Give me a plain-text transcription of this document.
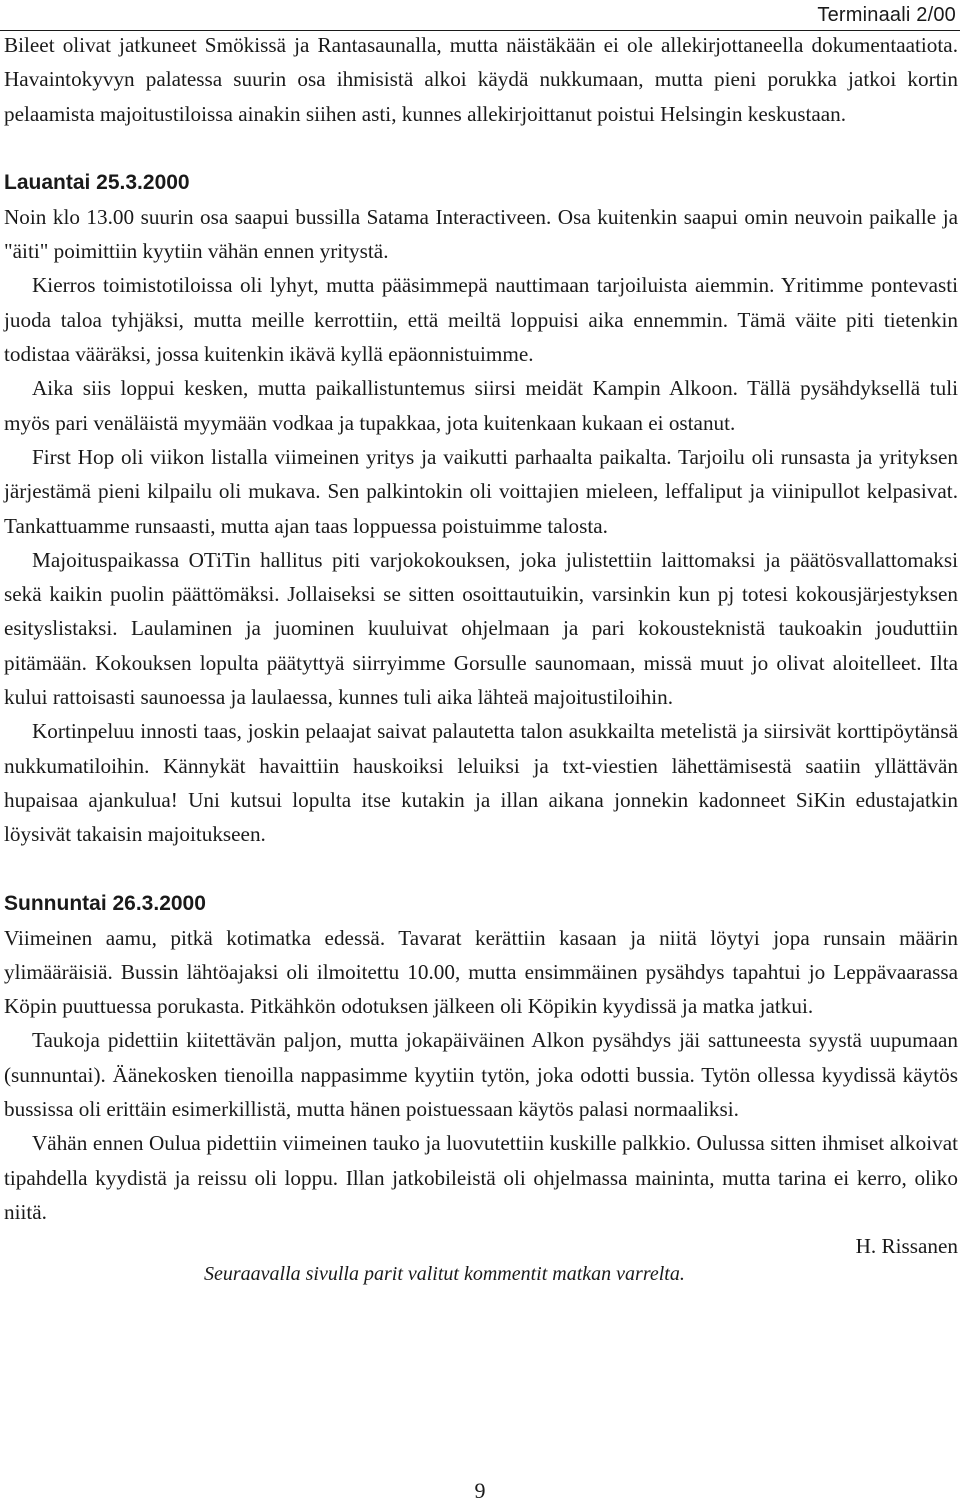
Terminaali 2/00

Bileet olivat jatkuneet Smökissä ja Rantasaunalla, mutta näistäkään ei ole allekirjottaneella dokumentaatiota. Havaintokyvyn palatessa suurin osa ihmisistä alkoi käydä nukkumaan, mutta pieni porukka jatkoi kortin pelaamista majoitustiloissa ainakin siihen asti, kunnes allekirjoittanut poistui Helsingin keskustaan.

Lauantai 25.3.2000

Noin klo 13.00 suurin osa saapui bussilla Satama Interactiveen. Osa kuitenkin saapui omin neuvoin paikalle ja "äiti" poimittiin kyytiin vähän ennen yritystä.

Kierros toimistotiloissa oli lyhyt, mutta pääsimmepä nauttimaan tarjoiluista aiemmin. Yritimme pontevasti juoda taloa tyhjäksi, mutta meille kerrottiin, että meiltä loppuisi aika ennemmin. Tämä väite piti tietenkin todistaa vääräksi, jossa kuitenkin ikävä kyllä epäonnistuimme.

Aika siis loppui kesken, mutta paikallistuntemus siirsi meidät Kampin Alkoon. Tällä pysähdyksellä tuli myös pari venäläistä myymään vodkaa ja tupakkaa, jota kuitenkaan kukaan ei ostanut.

First Hop oli viikon listalla viimeinen yritys ja vaikutti parhaalta paikalta. Tarjoilu oli runsasta ja yrityksen järjestämä pieni kilpailu oli mukava. Sen palkintokin oli voittajien mieleen, leffaliput ja viinipullot kelpasivat. Tankattuamme runsaasti, mutta ajan taas loppuessa poistuimme talosta.

Majoituspaikassa OTiTin hallitus piti varjokokouksen, joka julistettiin laittomaksi ja päätösvallattomaksi sekä kaikin puolin päättömäksi. Jollaiseksi se sitten osoittautuikin, varsinkin kun pj totesi kokousjärjestyksen esityslistaksi. Laulaminen ja juominen kuuluivat ohjelmaan ja pari kokousteknistä taukoakin jouduttiin pitämään. Kokouksen lopulta päätyttyä siirryimme Gorsulle saunomaan, missä muut jo olivat aloitelleet. Ilta kului rattoisasti saunoessa ja laulaessa, kunnes tuli aika lähteä majoitustiloihin.

Kortinpeluu innosti taas, joskin pelaajat saivat palautetta talon asukkailta metelistä ja siirsivät korttipöytänsä nukkumatiloihin. Kännykät havaittiin hauskoiksi leluiksi ja txt-viestien lähettämisestä saatiin yllättävän hupaisaa ajankulua! Uni kutsui lopulta itse kutakin ja illan aikana jonnekin kadonneet SiKin edustajatkin löysivät takaisin majoitukseen.

Sunnuntai 26.3.2000

Viimeinen aamu, pitkä kotimatka edessä. Tavarat kerättiin kasaan ja niitä löytyi jopa runsain määrin ylimääräisiä. Bussin lähtöajaksi oli ilmoitettu 10.00, mutta ensimmäinen pysähdys tapahtui jo Leppävaarassa Köpin puuttuessa porukasta. Pitkähkön odotuksen jälkeen oli Köpikin kyydissä ja matka jatkui.

Taukoja pidettiin kiitettävän paljon, mutta jokapäiväinen Alkon pysähdys jäi sattuneesta syystä uupumaan (sunnuntai). Äänekosken tienoilla nappasimme kyytiin tytön, joka odotti bussia. Tytön ollessa kyydissä käytös bussissa oli erittäin esimerkillistä, mutta hänen poistuessaan käytös palasi normaaliksi.

Vähän ennen Oulua pidettiin viimeinen tauko ja luovutettiin kuskille palkkio. Oulussa sitten ihmiset alkoivat tipahdella kyydistä ja reissu oli loppu. Illan jatkobileistä oli ohjelmassa maininta, mutta tarina ei kerro, oliko niitä.

H. Rissanen
Seuraavalla sivulla parit valitut kommentit matkan varrelta.
9
